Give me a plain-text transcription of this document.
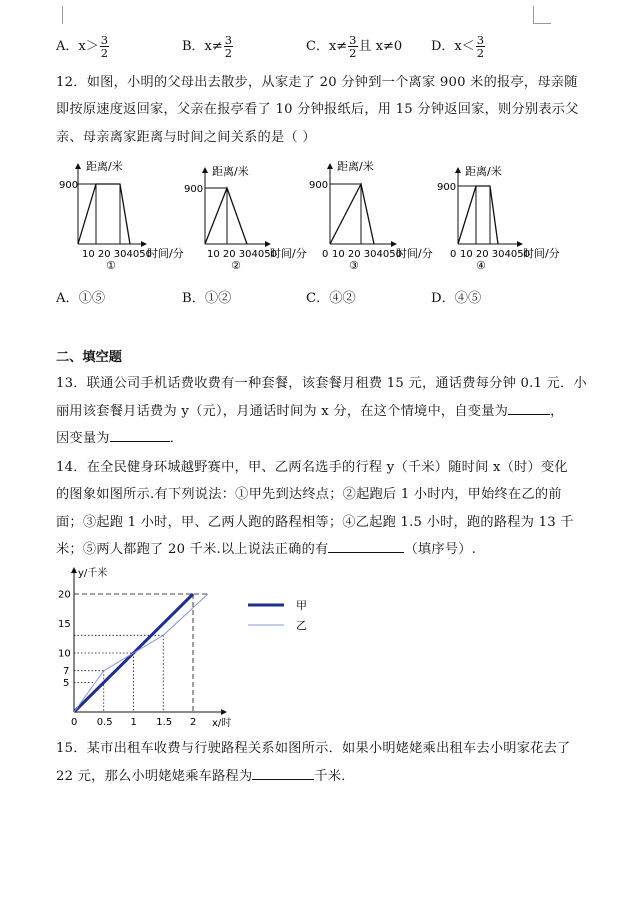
A．$x> \frac{3}{2}$	B．$x\ne \frac{3}{2}$	C．$x\ne \frac{3}{2}$ 且 x≠0 D．$x< \frac{3}{2}$
12．如图，小明的父母出去散步，从家走了 20 分钟到一个离家 900 米的报亭，母亲随
即按原速度返回家，父亲在报亭看了 10 分钟报纸后，用 15 分钟返回家，则分别表示父
亲、母亲离家距离与时间之间关系的是（ ）
距离/米
900
10 20 304050
时间/分
①
距离/米
900
10 20 304050
时间/分
②
距离/米
900
0 10 20 304050
时间/分
③
距离/米
900
0 10 20 304050
时间/分
④
A．①⑤	B．①②	C．④②	D．④⑤
二、填空题
13．联通公司手机话费收费有一种套餐，该套餐月租费 15 元，通话费每分钟 0.1 元．小
丽用该套餐月话费为 y（元），月通话时间为 x 分，在这个情境中，自变量为	，
因变量为	．
14．在全民健身环城越野赛中，甲、乙两名选手的行程 y（千米）随时间 x（时）变化
的图象如图所示.有下列说法：①甲先到达终点；②起跑后 1 小时内，甲始终在乙的前
面；③起跑 1 小时，甲、乙两人跑的路程相等；④乙起跑 1.5 小时，跑的路程为 13 千
米；⑤两人都跑了 20 千米.以上说法正确的有	（填序号）.
y/千米
x/时
0 0.5 1 1.5 2
5
7
10
15
20
甲
乙
15．某市出租车收费与行驶路程关系如图所示．如果小明姥姥乘出租车去小明家花去了
22 元，那么小明姥姥乘车路程为	千米．
